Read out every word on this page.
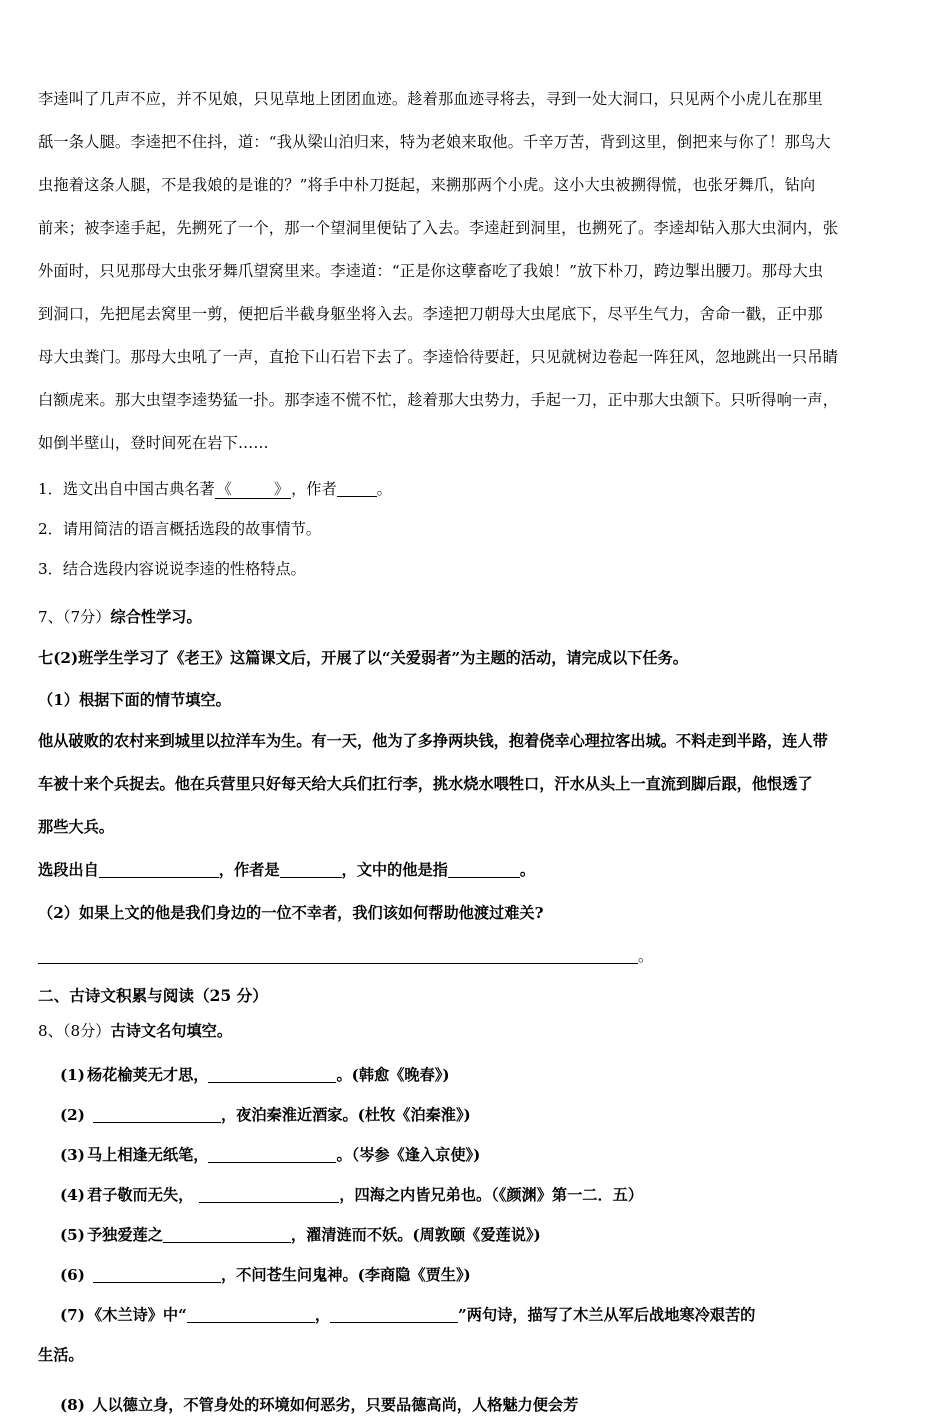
李逵叫了几声不应，并不见娘，只见草地上团团血迹。趁着那血迹寻将去，寻到一处大洞口，只见两个小虎儿在那里
舐一条人腿。李逵把不住抖，道：“我从梁山泊归来，特为老娘来取他。千辛万苦，背到这里，倒把来与你了！那鸟大
虫拖着这条人腿，不是我娘的是谁的？”将手中朴刀挺起，来搠那两个小虎。这小大虫被搠得慌，也张牙舞爪，钻向
前来；被李逵手起，先搠死了一个，那一个望洞里便钻了入去。李逵赶到洞里，也搠死了。李逵却钻入那大虫洞内，张
外面时，只见那母大虫张牙舞爪望窝里来。李逵道：“正是你这孽畜吃了我娘！”放下朴刀，跨边掣出腰刀。那母大虫
到洞口，先把尾去窝里一剪，便把后半截身躯坐将入去。李逵把刀朝母大虫尾底下，尽平生气力，舍命一戳，正中那
母大虫粪门。那母大虫吼了一声，直抢下山石岩下去了。李逵恰待要赶，只见就树边卷起一阵狂风，忽地跳出一只吊睛
白额虎来。那大虫望李逵势猛一扑。那李逵不慌不忙，趁着那大虫势力，手起一刀，正中那大虫颔下。只听得响一声，
如倒半壁山，登时间死在岩下……
1．选文出自中国古典名著 《	》 ，作者	。
2．请用简洁的语言概括选段的故事情节。
3．结合选段内容说说李逵的性格特点。
7、（7分）综合性学习。
七(2)班学生学习了《老王》这篇课文后，开展了以“关爱弱者”为主题的活动，请完成以下任务。
（1）根据下面的情节填空。
他从破败的农村来到城里以拉洋车为生。有一天，他为了多挣两块钱，抱着侥幸心理拉客出城。不料走到半路，连人带
车被十来个兵捉去。他在兵营里只好每天给大兵们扛行李，挑水烧水喂牲口，汗水从头上一直流到脚后跟，他恨透了
那些大兵。
选段出自	，作者是	，文中的他是指	。
（2）如果上文的他是我们身边的一位不幸者，我们该如何帮助他渡过难关?
。
二、古诗文积累与阅读（25 分）
8、（8分）古诗文名句填空。
(1) 杨花榆荚无才思，	。(韩愈《晚春》)
(2)	，夜泊秦淮近酒家。(杜牧《泊秦淮》)
(3) 马上相逢无纸笔，	。（岑参《逢入京使》)
(4) 君子敬而无失，	，四海之内皆兄弟也。（《颜渊》第一二．五）
(5) 予独爱莲之	，濯清涟而不妖。(周敦颐《爱莲说》)
(6)	，不问苍生问鬼神。(李商隐《贾生》)
(7) 《木兰诗》中“	，	”两句诗，描写了木兰从军后战地寒冷艰苦的
生活。
(8) 人以德立身，不管身处的环境如何恶劣，只要品德高尚，人格魅力便会芳
